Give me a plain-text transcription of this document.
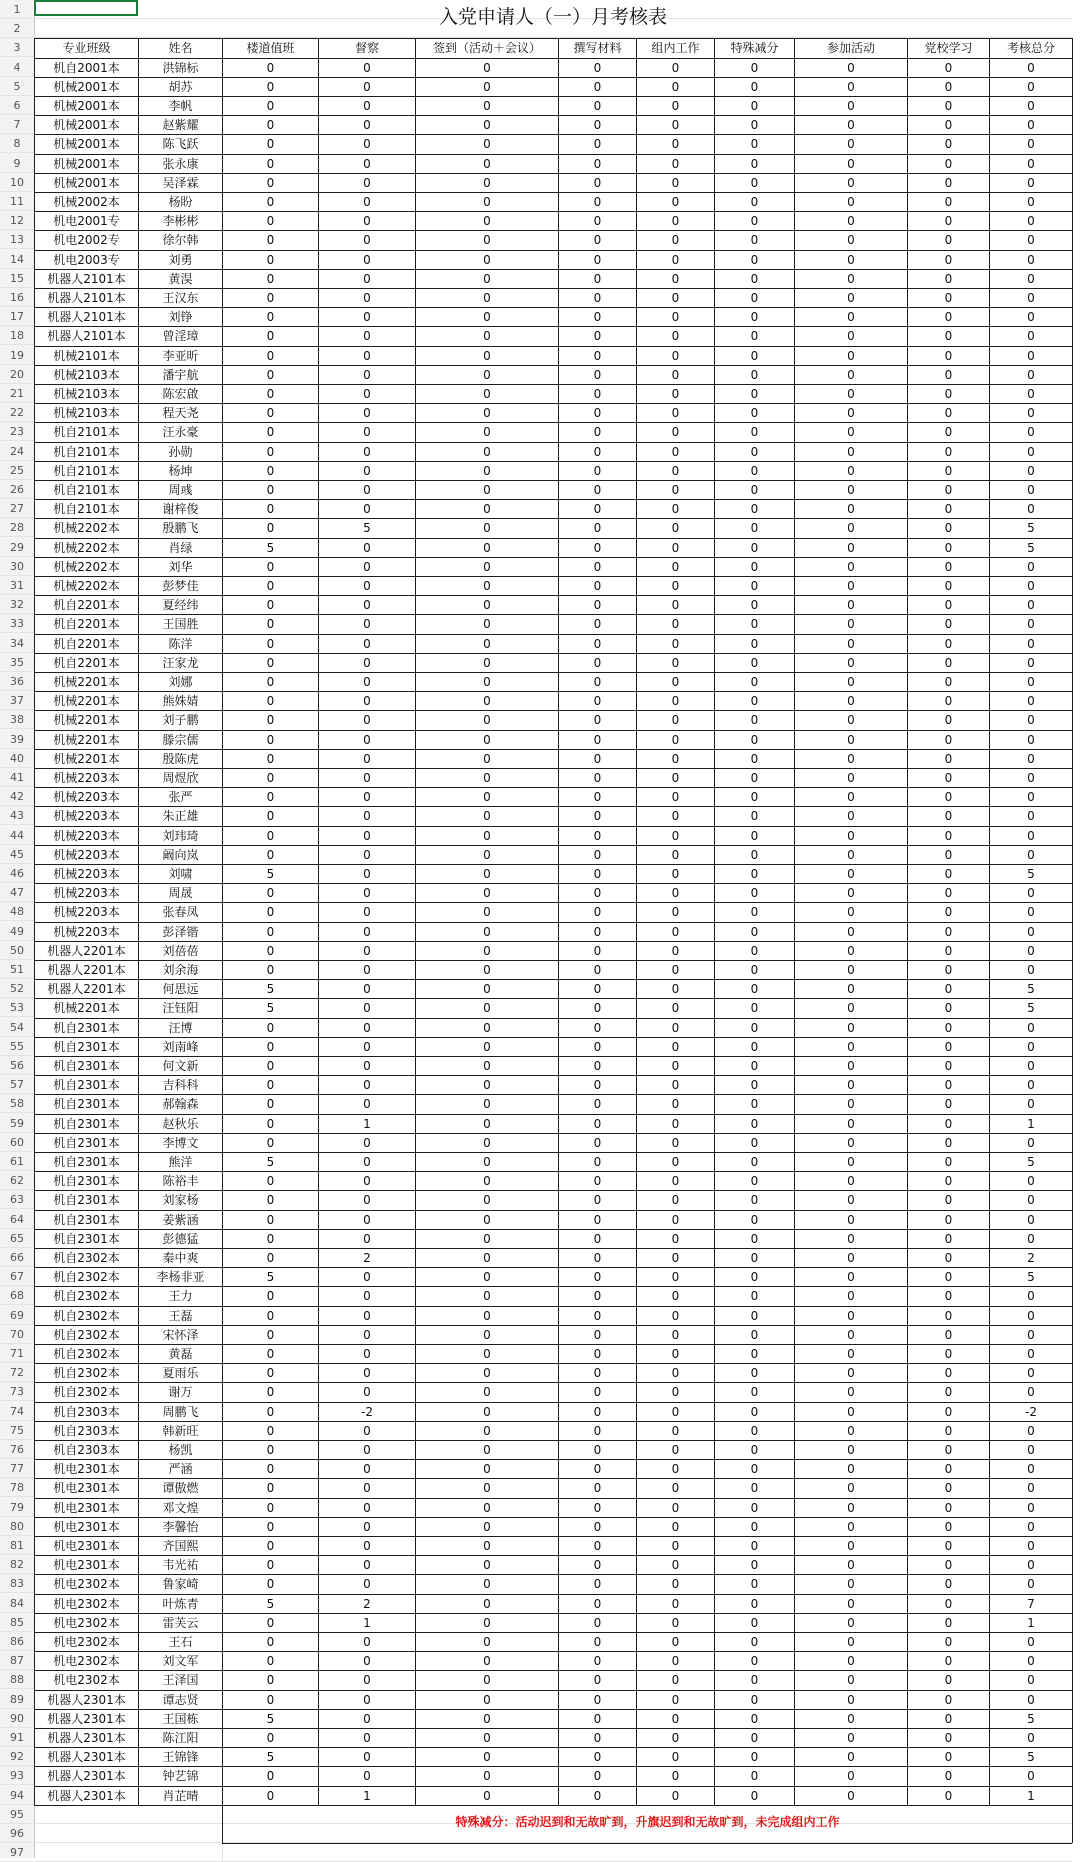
1
2
3
4
5
6
7
8
9
10
11
12
13
14
15
16
17
18
19
20
21
22
23
24
25
26
27
28
29
30
31
32
33
34
35
36
37
38
39
40
41
42
43
44
45
46
47
48
49
50
51
52
53
54
55
56
57
58
59
60
61
62
63
64
65
66
67
68
69
70
71
72
73
74
75
76
77
78
79
80
81
82
83
84
85
86
87
88
89
90
91
92
93
94
95
96
97
入党申请人（一）月考核表
专业班级	姓名	楼道值班	督察	签到（活动＋会议）	撰写材料	组内工作	特殊减分	参加活动	党校学习	考核总分
机自2001本	洪锦标	0	0	0	0	0	0	0	0	0
机械2001本	胡苏	0	0	0	0	0	0	0	0	0
机械2001本	李帆	0	0	0	0	0	0	0	0	0
机械2001本	赵紫耀	0	0	0	0	0	0	0	0	0
机械2001本	陈飞跃	0	0	0	0	0	0	0	0	0
机械2001本	张永康	0	0	0	0	0	0	0	0	0
机械2001本	吴泽霖	0	0	0	0	0	0	0	0	0
机械2002本	杨盼	0	0	0	0	0	0	0	0	0
机电2001专	李彬彬	0	0	0	0	0	0	0	0	0
机电2002专	徐尔韩	0	0	0	0	0	0	0	0	0
机电2003专	刘勇	0	0	0	0	0	0	0	0	0
机器人2101本	黄淏	0	0	0	0	0	0	0	0	0
机器人2101本	王汉东	0	0	0	0	0	0	0	0	0
机器人2101本	刘铮	0	0	0	0	0	0	0	0	0
机器人2101本	曾淫璋	0	0	0	0	0	0	0	0	0
机械2101本	李亚昕	0	0	0	0	0	0	0	0	0
机械2103本	潘宇航	0	0	0	0	0	0	0	0	0
机械2103本	陈宏啟	0	0	0	0	0	0	0	0	0
机械2103本	程天尧	0	0	0	0	0	0	0	0	0
机自2101本	汪永豪	0	0	0	0	0	0	0	0	0
机自2101本	孙勋	0	0	0	0	0	0	0	0	0
机自2101本	杨坤	0	0	0	0	0	0	0	0	0
机自2101本	周彧	0	0	0	0	0	0	0	0	0
机自2101本	谢梓俊	0	0	0	0	0	0	0	0	0
机械2202本	殷鹏飞	0	5	0	0	0	0	0	0	5
机械2202本	肖绿	5	0	0	0	0	0	0	0	5
机械2202本	刘华	0	0	0	0	0	0	0	0	0
机械2202本	彭梦佳	0	0	0	0	0	0	0	0	0
机自2201本	夏经纬	0	0	0	0	0	0	0	0	0
机自2201本	王国胜	0	0	0	0	0	0	0	0	0
机自2201本	陈洋	0	0	0	0	0	0	0	0	0
机自2201本	汪家龙	0	0	0	0	0	0	0	0	0
机械2201本	刘娜	0	0	0	0	0	0	0	0	0
机械2201本	熊姝婧	0	0	0	0	0	0	0	0	0
机械2201本	刘子鹏	0	0	0	0	0	0	0	0	0
机械2201本	滕宗儒	0	0	0	0	0	0	0	0	0
机械2201本	殷陈虎	0	0	0	0	0	0	0	0	0
机械2203本	周煜欣	0	0	0	0	0	0	0	0	0
机械2203本	张严	0	0	0	0	0	0	0	0	0
机械2203本	朱正雄	0	0	0	0	0	0	0	0	0
机械2203本	刘玮琦	0	0	0	0	0	0	0	0	0
机械2203本	阚向岚	0	0	0	0	0	0	0	0	0
机械2203本	刘啸	5	0	0	0	0	0	0	0	5
机械2203本	周晟	0	0	0	0	0	0	0	0	0
机械2203本	张春凤	0	0	0	0	0	0	0	0	0
机械2203本	彭泽锴	0	0	0	0	0	0	0	0	0
机器人2201本	刘蓓蓓	0	0	0	0	0	0	0	0	0
机器人2201本	刘余海	0	0	0	0	0	0	0	0	0
机器人2201本	何思远	5	0	0	0	0	0	0	0	5
机械2201本	汪钰阳	5	0	0	0	0	0	0	0	5
机自2301本	汪博	0	0	0	0	0	0	0	0	0
机自2301本	刘南峰	0	0	0	0	0	0	0	0	0
机自2301本	何文新	0	0	0	0	0	0	0	0	0
机自2301本	吉科科	0	0	0	0	0	0	0	0	0
机自2301本	郝翰森	0	0	0	0	0	0	0	0	0
机自2301本	赵秋乐	0	1	0	0	0	0	0	0	1
机自2301本	李博文	0	0	0	0	0	0	0	0	0
机自2301本	熊洋	5	0	0	0	0	0	0	0	5
机自2301本	陈裕丰	0	0	0	0	0	0	0	0	0
机自2301本	刘家杨	0	0	0	0	0	0	0	0	0
机自2301本	姜紫涵	0	0	0	0	0	0	0	0	0
机自2301本	彭德猛	0	0	0	0	0	0	0	0	0
机自2302本	秦中爽	0	2	0	0	0	0	0	0	2
机自2302本	李杨非亚	5	0	0	0	0	0	0	0	5
机自2302本	王力	0	0	0	0	0	0	0	0	0
机自2302本	王磊	0	0	0	0	0	0	0	0	0
机自2302本	宋怀泽	0	0	0	0	0	0	0	0	0
机自2302本	黄磊	0	0	0	0	0	0	0	0	0
机自2302本	夏雨乐	0	0	0	0	0	0	0	0	0
机自2302本	谢万	0	0	0	0	0	0	0	0	0
机自2303本	周鹏飞	0	-2	0	0	0	0	0	0	-2
机自2303本	韩新旺	0	0	0	0	0	0	0	0	0
机自2303本	杨凯	0	0	0	0	0	0	0	0	0
机电2301本	严涵	0	0	0	0	0	0	0	0	0
机电2301本	谭傲燃	0	0	0	0	0	0	0	0	0
机电2301本	邓文煌	0	0	0	0	0	0	0	0	0
机电2301本	李馨怡	0	0	0	0	0	0	0	0	0
机电2301本	齐国熙	0	0	0	0	0	0	0	0	0
机电2301本	韦光祐	0	0	0	0	0	0	0	0	0
机电2302本	鲁家崎	0	0	0	0	0	0	0	0	0
机电2302本	叶炼青	5	2	0	0	0	0	0	0	7
机电2302本	雷芙云	0	1	0	0	0	0	0	0	1
机电2302本	王石	0	0	0	0	0	0	0	0	0
机电2302本	刘文军	0	0	0	0	0	0	0	0	0
机电2302本	王泽国	0	0	0	0	0	0	0	0	0
机器人2301本	谭志贤	0	0	0	0	0	0	0	0	0
机器人2301本	王国栋	5	0	0	0	0	0	0	0	5
机器人2301本	陈江阳	0	0	0	0	0	0	0	0	0
机器人2301本	王锦锋	5	0	0	0	0	0	0	0	5
机器人2301本	钟艺锦	0	0	0	0	0	0	0	0	0
机器人2301本	肖芷晴	0	1	0	0	0	0	0	0	1
特殊减分：活动迟到和无故旷到，升旗迟到和无故旷到，未完成组内工作
